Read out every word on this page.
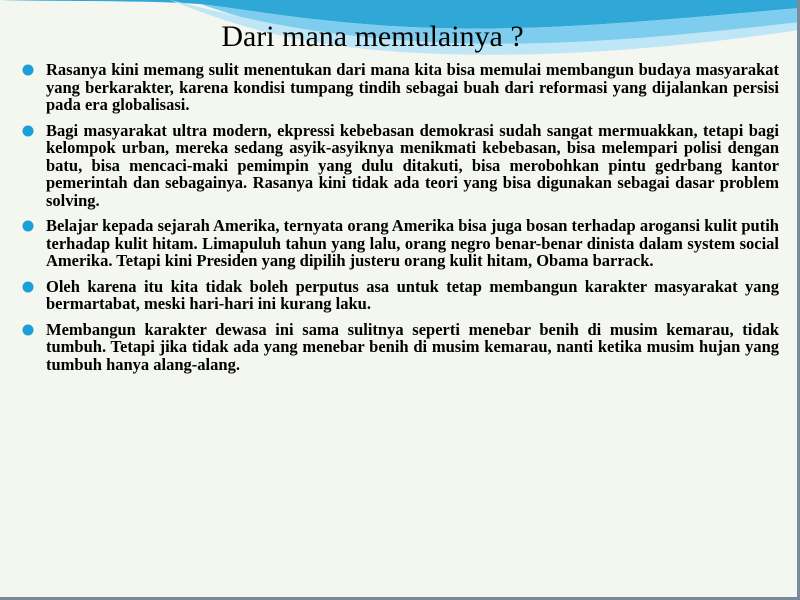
Dari mana memulainya ?
Rasanya kini memang sulit menentukan dari mana kita bisa memulai membangun budaya masyarakat yang berkarakter, karena kondisi tumpang tindih sebagai buah dari reformasi yang dijalankan persisi pada era globalisasi.
Bagi masyarakat ultra modern, ekpressi kebebasan demokrasi sudah sangat mermuakkan, tetapi bagi kelompok urban, mereka sedang asyik-asyiknya menikmati kebebasan, bisa melempari polisi dengan batu, bisa mencaci-maki pemimpin yang dulu ditakuti, bisa merobohkan pintu gedrbang kantor pemerintah dan sebagainya. Rasanya kini tidak ada teori yang bisa digunakan sebagai dasar problem solving.
Belajar kepada sejarah Amerika, ternyata orang Amerika bisa juga bosan terhadap arogansi kulit putih terhadap kulit hitam. Limapuluh tahun yang lalu, orang negro benar-benar dinista dalam system social Amerika. Tetapi kini Presiden yang dipilih justeru orang kulit hitam, Obama barrack.
Oleh karena itu kita tidak boleh perputus asa untuk tetap membangun karakter masyarakat yang bermartabat, meski hari-hari ini kurang laku.
Membangun karakter dewasa ini sama sulitnya seperti menebar benih di musim kemarau, tidak tumbuh. Tetapi jika tidak ada yang menebar benih di musim kemarau, nanti ketika musim hujan yang tumbuh hanya alang-alang.
